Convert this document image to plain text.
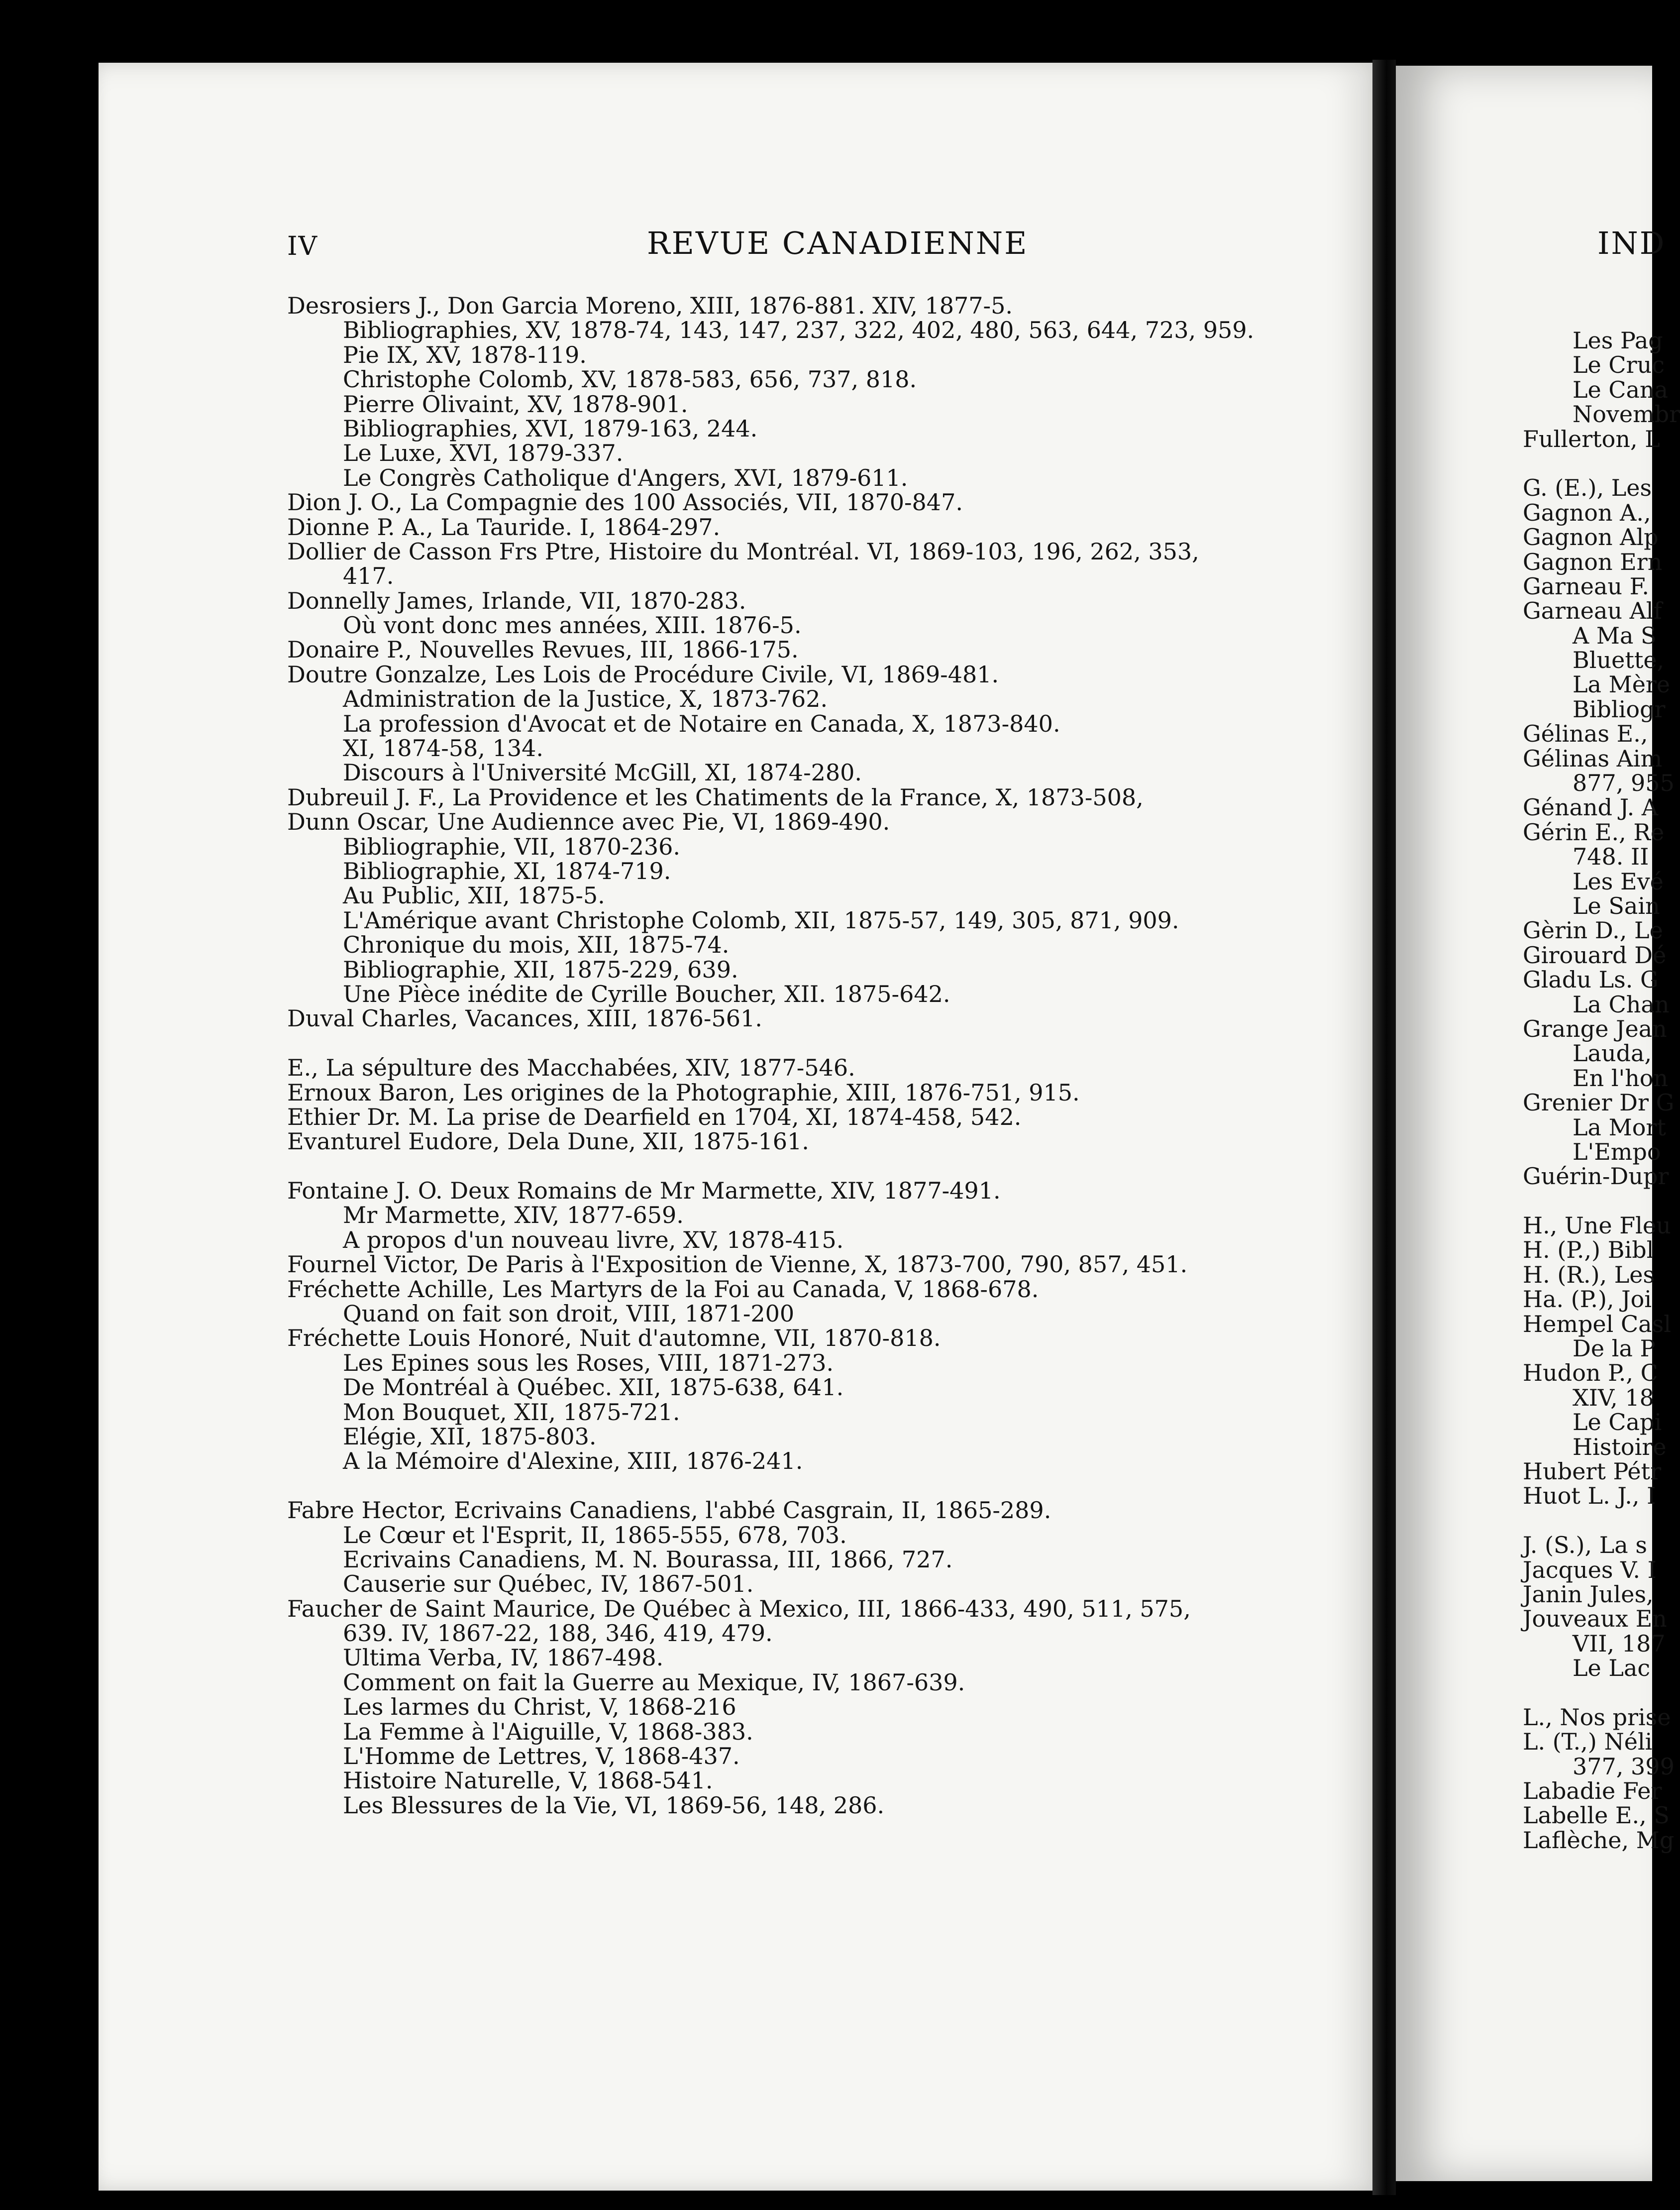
IV	REVUE CANADIENNE
Desrosiers J., Don Garcia Moreno, XIII, 1876-881. XIV, 1877-5.
Bibliographies, XV, 1878-74, 143, 147, 237, 322, 402, 480, 563, 644, 723, 959.
Pie IX, XV, 1878-119.
Christophe Colomb, XV, 1878-583, 656, 737, 818.
Pierre Olivaint, XV, 1878-901.
Bibliographies, XVI, 1879-163, 244.
Le Luxe, XVI, 1879-337.
Le Congrès Catholique d'Angers, XVI, 1879-611.
Dion J. O., La Compagnie des 100 Associés, VII, 1870-847.
Dionne P. A., La Tauride. I, 1864-297.
Dollier de Casson Frs Ptre, Histoire du Montréal. VI, 1869-103, 196, 262, 353,
417.
Donnelly James, Irlande, VII, 1870-283.
Où vont donc mes années, XIII. 1876-5.
Donaire P., Nouvelles Revues, III, 1866-175.
Doutre Gonzalze, Les Lois de Procédure Civile, VI, 1869-481.
Administration de la Justice, X, 1873-762.
La profession d'Avocat et de Notaire en Canada, X, 1873-840.
XI, 1874-58, 134.
Discours à l'Université McGill, XI, 1874-280.
Dubreuil J. F., La Providence et les Chatiments de la France, X, 1873-508,
Dunn Oscar, Une Audiennce avec Pie, VI, 1869-490.
Bibliographie, VII, 1870-236.
Bibliographie, XI, 1874-719.
Au Public, XII, 1875-5.
L'Amérique avant Christophe Colomb, XII, 1875-57, 149, 305, 871, 909.
Chronique du mois, XII, 1875-74.
Bibliographie, XII, 1875-229, 639.
Une Pièce inédite de Cyrille Boucher, XII. 1875-642.
Duval Charles, Vacances, XIII, 1876-561.
E., La sépulture des Macchabées, XIV, 1877-546.
Ernoux Baron, Les origines de la Photographie, XIII, 1876-751, 915.
Ethier Dr. M. La prise de Dearfield en 1704, XI, 1874-458, 542.
Evanturel Eudore, Dela Dune, XII, 1875-161.
Fontaine J. O. Deux Romains de Mr Marmette, XIV, 1877-491.
Mr Marmette, XIV, 1877-659.
A propos d'un nouveau livre, XV, 1878-415.
Fournel Victor, De Paris à l'Exposition de Vienne, X, 1873-700, 790, 857, 451.
Fréchette Achille, Les Martyrs de la Foi au Canada, V, 1868-678.
Quand on fait son droit, VIII, 1871-200
Fréchette Louis Honoré, Nuit d'automne, VII, 1870-818.
Les Epines sous les Roses, VIII, 1871-273.
De Montréal à Québec. XII, 1875-638, 641.
Mon Bouquet, XII, 1875-721.
Elégie, XII, 1875-803.
A la Mémoire d'Alexine, XIII, 1876-241.
Fabre Hector, Ecrivains Canadiens, l'abbé Casgrain, II, 1865-289.
Le Cœur et l'Esprit, II, 1865-555, 678, 703.
Ecrivains Canadiens, M. N. Bourassa, III, 1866, 727.
Causerie sur Québec, IV, 1867-501.
Faucher de Saint Maurice, De Québec à Mexico, III, 1866-433, 490, 511, 575,
639. IV, 1867-22, 188, 346, 419, 479.
Ultima Verba, IV, 1867-498.
Comment on fait la Guerre au Mexique, IV, 1867-639.
Les larmes du Christ, V, 1868-216
La Femme à l'Aiguille, V, 1868-383.
L'Homme de Lettres, V, 1868-437.
Histoire Naturelle, V, 1868-541.
Les Blessures de la Vie, VI, 1869-56, 148, 286.
IND
Les Pag
Le Cruc
Le Cana
Novembr
Fullerton, L
G. (E.), Les
Gagnon A.,
Gagnon Alp
Gagnon Ern
Garneau F.
Garneau Alf
A Ma S
Bluette,
La Mère
Bibliogr
Gélinas E.,
Gélinas Aim
877, 955
Génand J. A
Gérin E., Re
748. II
Les Evé
Le Sain
Gèrin D., Le
Girouard Dé
Gladu Ls. G
La Chan
Grange Jean
Lauda,
En l'hon
Grenier Dr G
La Mort
L'Empo
Guérin-Dupr
H., Une Fleu
H. (P.,) Bibl
H. (R.), Les
Ha. (P.), Joi
Hempel Casl
De la P
Hudon P., C
XIV, 18
Le Capi
Histoire
Hubert Pétr
Huot L. J., I
J. (S.), La s
Jacques V. I
Janin Jules,
Jouveaux En
VII, 187
Le Lac
L., Nos prise
L. (T.,) Néli
377, 399
Labadie Fer
Labelle E., S
Laflèche, Mg
